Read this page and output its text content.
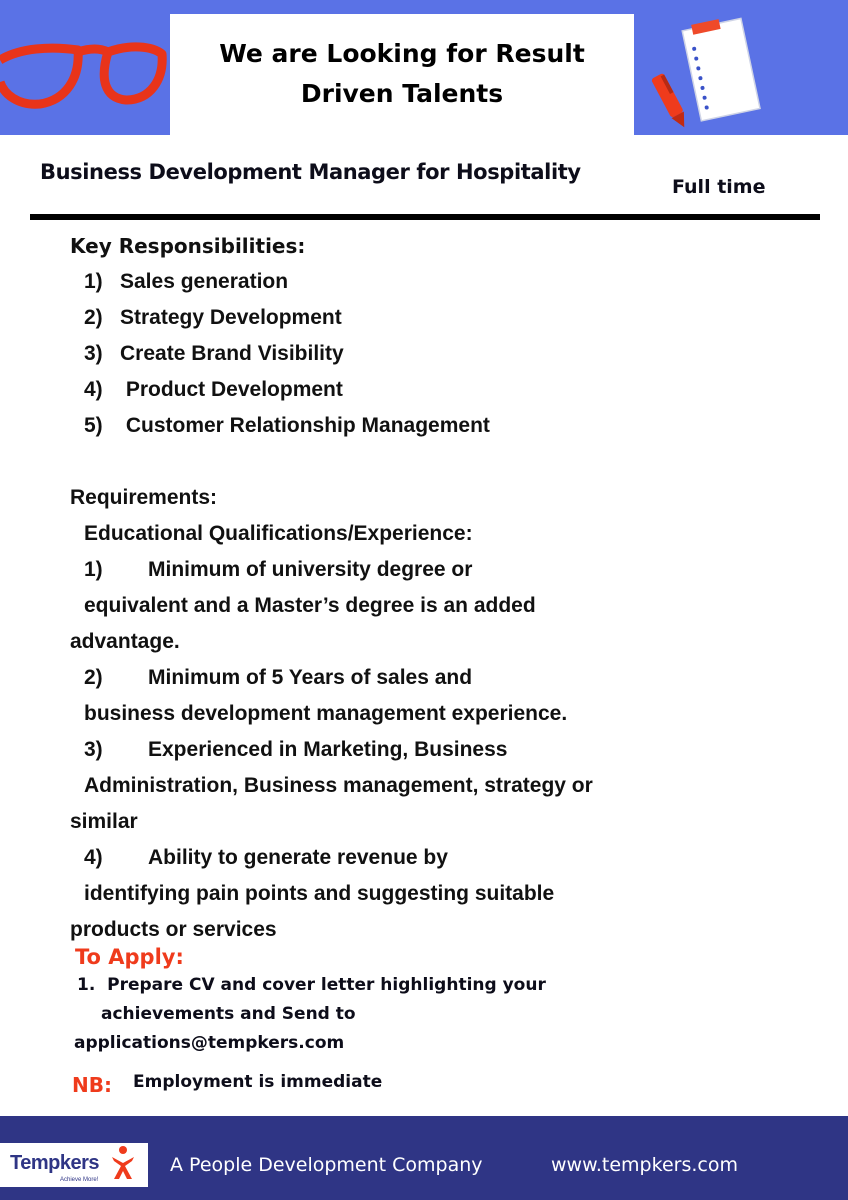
We are Looking for Result
Driven Talents
Business Development Manager for Hospitality
Full time
Key Responsibilities:
1) Sales generation
2) Strategy Development
3) Create Brand Visibility
4) Product Development
5) Customer Relationship Management
Requirements:
Educational Qualifications/Experience:
1) Minimum of university degree or
equivalent and a Master’s degree is an added
advantage.
2) Minimum of 5 Years of sales and
business development management experience.
3) Experienced in Marketing, Business
Administration, Business management, strategy or
similar
4) Ability to generate revenue by
identifying pain points and suggesting suitable
products or services
To Apply:
1. Prepare CV and cover letter highlighting your
achievements and Send to
applications@tempkers.com
NB: Employment is immediate
Tempkers
Achieve More!
A People Development Company	www.tempkers.com
